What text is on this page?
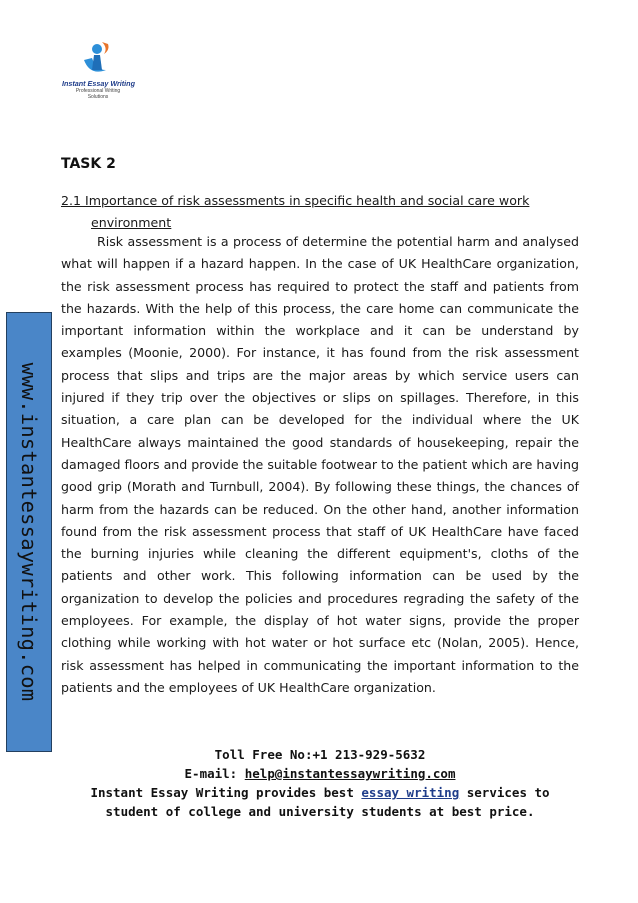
Instant Essay Writing
Professional Writing
Solutions
www.instantessaywriting.com
TASK 2
2.1 Importance of risk assessments in specific health and social care work
environment
Risk assessment is a process of determine the potential harm and analysed what will happen if a hazard happen. In the case of UK HealthCare organization, the risk assessment process has required to protect the staff and patients from the hazards. With the help of this process, the care home can communicate the important information within the workplace and it can be understand by examples (Moonie, 2000). For instance, it has found from the risk assessment process that slips and trips are the major areas by which service users can injured if they trip over the objectives or slips on spillages. Therefore, in this situation, a care plan can be developed for the individual where the UK HealthCare always maintained the good standards of housekeeping, repair the damaged floors and provide the suitable footwear to the patient which are having good grip (Morath and Turnbull, 2004). By following these things, the chances of harm from the hazards can be reduced. On the other hand, another information found from the risk assessment process that staff of UK HealthCare have faced the burning injuries while cleaning the different equipment's, cloths of the patients and other work. This following information can be used by the organization to develop the policies and procedures regrading the safety of the employees. For example, the display of hot water signs, provide the proper clothing while working with hot water or hot surface etc (Nolan, 2005). Hence, risk assessment has helped in communicating the important information to the patients and the employees of UK HealthCare organization.
Toll Free No:+1 213-929-5632
E-mail: help@instantessaywriting.com
Instant Essay Writing provides best essay writing services to
student of college and university students at best price.
